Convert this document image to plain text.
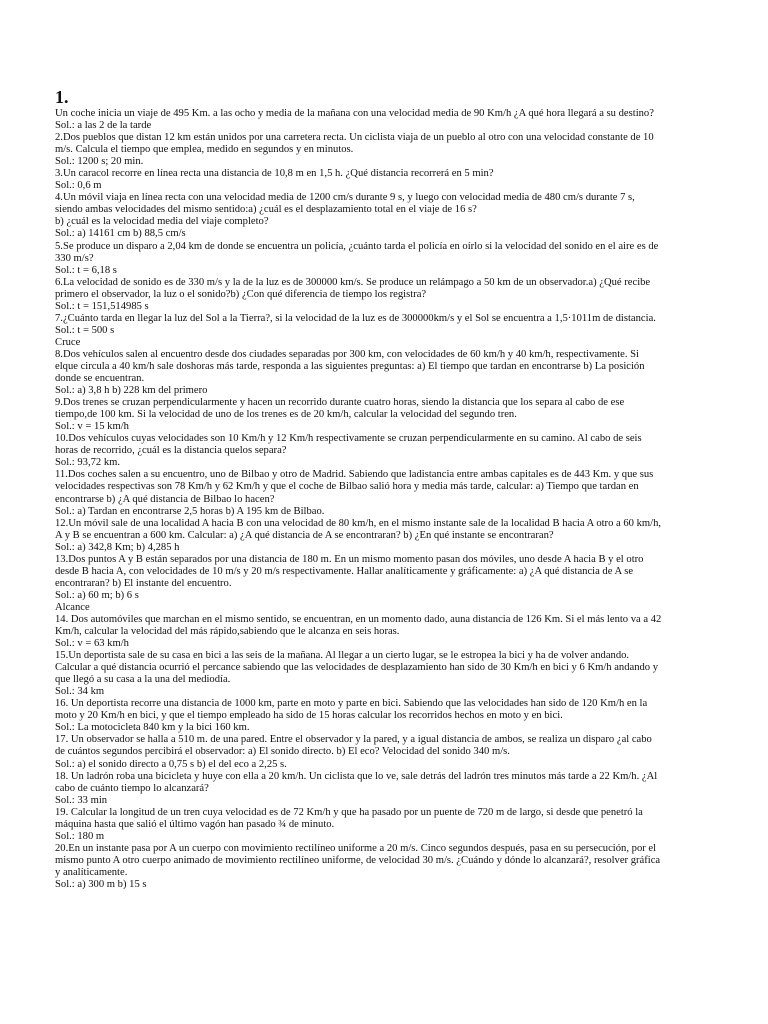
1.
Un coche inicia un viaje de 495 Km. a las ocho y media de la mañana con una velocidad media de 90 Km/h ¿A qué hora llegará a su destino?
Sol.: a las 2 de la tarde
2.Dos pueblos que distan 12 km están unidos por una carretera recta. Un ciclista viaja de un pueblo al otro con una velocidad constante de 10
m/s. Calcula el tiempo que emplea, medido en segundos y en minutos.
Sol.: 1200 s; 20 min.
3.Un caracol recorre en línea recta una distancia de 10,8 m en 1,5 h. ¿Qué distancia recorrerá en 5 min?
Sol.: 0,6 m
4.Un móvil viaja en línea recta con una velocidad media de 1200 cm/s durante 9 s, y luego con velocidad media de 480 cm/s durante 7 s,
siendo ambas velocidades del mismo sentido:a) ¿cuál es el desplazamiento total en el viaje de 16 s?
b) ¿cuál es la velocidad media del viaje completo?
Sol.: a) 14161 cm b) 88,5 cm/s
5.Se produce un disparo a 2,04 km de donde se encuentra un policía, ¿cuánto tarda el policía en oírlo si la velocidad del sonido en el aire es de
330 m/s?
Sol.: t = 6,18 s
6.La velocidad de sonido es de 330 m/s y la de la luz es de 300000 km/s. Se produce un relámpago a 50 km de un observador.a) ¿Qué recibe
primero el observador, la luz o el sonido?b) ¿Con qué diferencia de tiempo los registra?
Sol.: t = 151,514985 s
7.¿Cuánto tarda en llegar la luz del Sol a la Tierra?, si la velocidad de la luz es de 300000km/s y el Sol se encuentra a 1,5·1011m de distancia.
Sol.: t = 500 s
Cruce
8.Dos vehículos salen al encuentro desde dos ciudades separadas por 300 km, con velocidades de 60 km/h y 40 km/h, respectivamente. Si
elque circula a 40 km/h sale doshoras más tarde, responda a las siguientes preguntas: a) El tiempo que tardan en encontrarse b) La posición
donde se encuentran.
Sol.: a) 3,8 h b) 228 km del primero
9.Dos trenes se cruzan perpendicularmente y hacen un recorrido durante cuatro horas, siendo la distancia que los separa al cabo de ese
tiempo,de 100 km. Si la velocidad de uno de los trenes es de 20 km/h, calcular la velocidad del segundo tren.
Sol.: v = 15 km/h
10.Dos vehículos cuyas velocidades son 10 Km/h y 12 Km/h respectivamente se cruzan perpendicularmente en su camino. Al cabo de seis
horas de recorrido, ¿cuál es la distancia quelos separa?
Sol.: 93,72 km.
11.Dos coches salen a su encuentro, uno de Bilbao y otro de Madrid. Sabiendo que ladistancia entre ambas capitales es de 443 Km. y que sus
velocidades respectivas son 78 Km/h y 62 Km/h y que el coche de Bilbao salió hora y media más tarde, calcular: a) Tiempo que tardan en
encontrarse b) ¿A qué distancia de Bilbao lo hacen?
Sol.: a) Tardan en encontrarse 2,5 horas b) A 195 km de Bilbao.
12.Un móvil sale de una localidad A hacia B con una velocidad de 80 km/h, en el mismo instante sale de la localidad B hacia A otro a 60 km/h,
A y B se encuentran a 600 km. Calcular: a) ¿A qué distancia de A se encontraran? b) ¿En qué instante se encontraran?
Sol.: a) 342,8 Km; b) 4,285 h
13.Dos puntos A y B están separados por una distancia de 180 m. En un mismo momento pasan dos móviles, uno desde A hacia B y el otro
desde B hacia A, con velocidades de 10 m/s y 20 m/s respectivamente. Hallar analíticamente y gráficamente: a) ¿A qué distancia de A se
encontraran? b) El instante del encuentro.
Sol.: a) 60 m; b) 6 s
Alcance
14. Dos automóviles que marchan en el mismo sentido, se encuentran, en un momento dado, auna distancia de 126 Km. Si el más lento va a 42
Km/h, calcular la velocidad del más rápido,sabiendo que le alcanza en seis horas.
Sol.: v = 63 km/h
15.Un deportista sale de su casa en bici a las seis de la mañana. Al llegar a un cierto lugar, se le estropea la bici y ha de volver andando.
Calcular a qué distancia ocurrió el percance sabiendo que las velocidades de desplazamiento han sido de 30 Km/h en bici y 6 Km/h andando y
que llegó a su casa a la una del mediodía.
Sol.: 34 km
16. Un deportista recorre una distancia de 1000 km, parte en moto y parte en bici. Sabiendo que las velocidades han sido de 120 Km/h en la
moto y 20 Km/h en bici, y que el tiempo empleado ha sido de 15 horas calcular los recorridos hechos en moto y en bici.
Sol.: La motocicleta 840 km y la bici 160 km.
17. Un observador se halla a 510 m. de una pared. Entre el observador y la pared, y a igual distancia de ambos, se realiza un disparo ¿al cabo
de cuántos segundos percibirá el observador: a) El sonido directo. b) El eco? Velocidad del sonido 340 m/s.
Sol.: a) el sonido directo a 0,75 s b) el del eco a 2,25 s.
18. Un ladrón roba una bicicleta y huye con ella a 20 km/h. Un ciclista que lo ve, sale detrás del ladrón tres minutos más tarde a 22 Km/h. ¿Al
cabo de cuánto tiempo lo alcanzará?
Sol.: 33 min
19. Calcular la longitud de un tren cuya velocidad es de 72 Km/h y que ha pasado por un puente de 720 m de largo, si desde que penetró la
máquina hasta que salió el último vagón han pasado ¾ de minuto.
Sol.: 180 m
20.En un instante pasa por A un cuerpo con movimiento rectilíneo uniforme a 20 m/s. Cinco segundos después, pasa en su persecución, por el
mismo punto A otro cuerpo animado de movimiento rectilíneo uniforme, de velocidad 30 m/s. ¿Cuándo y dónde lo alcanzará?, resolver gráfica
y analíticamente.
Sol.: a) 300 m b) 15 s
